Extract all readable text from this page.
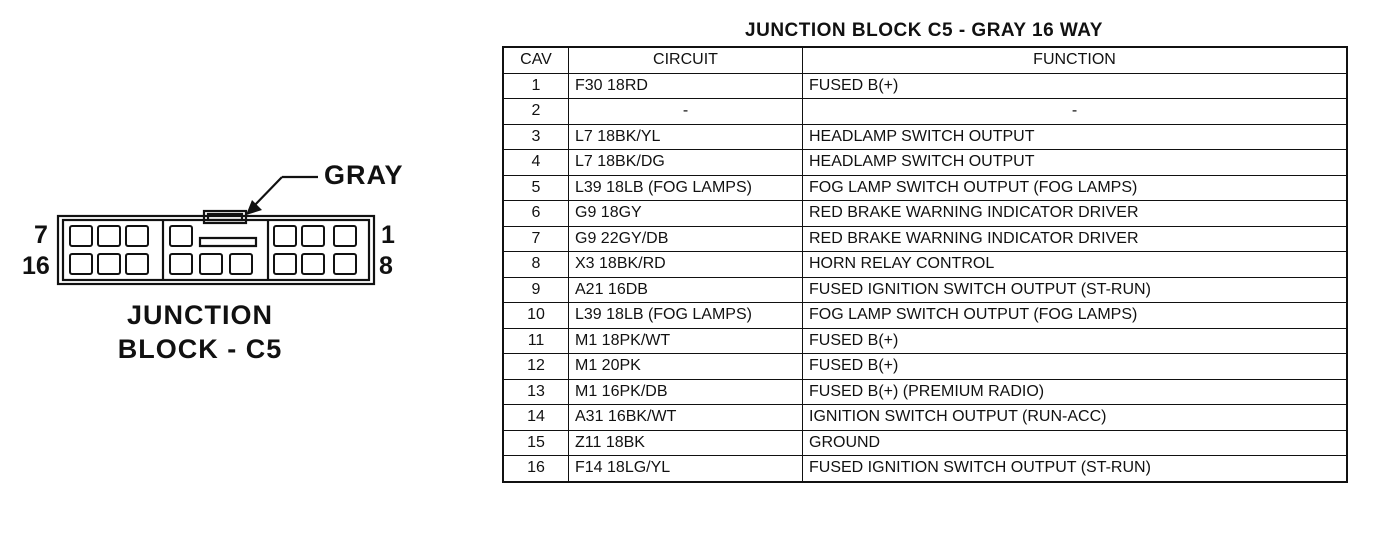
GRAY
7
16
1
8
JUNCTION
BLOCK - C5
JUNCTION BLOCK C5 - GRAY 16 WAY
CAV	CIRCUIT	FUNCTION
1	F30 18RD	FUSED B(+)
2	-	-
3	L7 18BK/YL	HEADLAMP SWITCH OUTPUT
4	L7 18BK/DG	HEADLAMP SWITCH OUTPUT
5	L39 18LB (FOG LAMPS)	FOG LAMP SWITCH OUTPUT (FOG LAMPS)
6	G9 18GY	RED BRAKE WARNING INDICATOR DRIVER
7	G9 22GY/DB	RED BRAKE WARNING INDICATOR DRIVER
8	X3 18BK/RD	HORN RELAY CONTROL
9	A21 16DB	FUSED IGNITION SWITCH OUTPUT (ST-RUN)
10	L39 18LB (FOG LAMPS)	FOG LAMP SWITCH OUTPUT (FOG LAMPS)
11	M1 18PK/WT	FUSED B(+)
12	M1 20PK	FUSED B(+)
13	M1 16PK/DB	FUSED B(+) (PREMIUM RADIO)
14	A31 16BK/WT	IGNITION SWITCH OUTPUT (RUN-ACC)
15	Z11 18BK	GROUND
16	F14 18LG/YL	FUSED IGNITION SWITCH OUTPUT (ST-RUN)
